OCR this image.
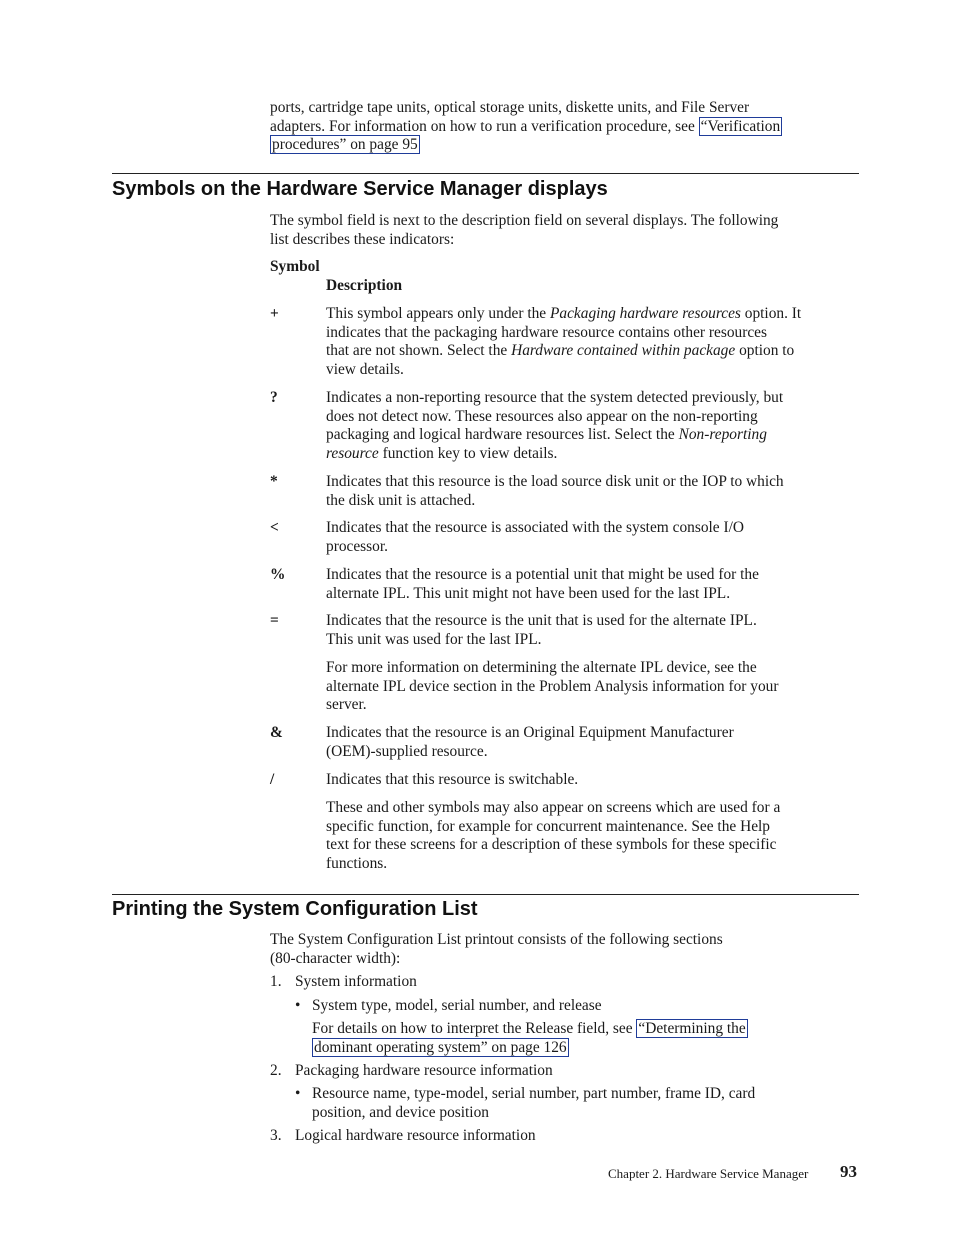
ports, cartridge tape units, optical storage units, diskette units, and File Server
adapters. For information on how to run a verification procedure, see “Verification
procedures” on page 95
Symbols on the Hardware Service Manager displays
The symbol field is next to the description field on several displays. The following
list describes these indicators:
Symbol
Description
+	This symbol appears only under the Packaging hardware resources option. It
indicates that the packaging hardware resource contains other resources
that are not shown. Select the Hardware contained within package option to
view details.
?	Indicates a non-reporting resource that the system detected previously, but
does not detect now. These resources also appear on the non-reporting
packaging and logical hardware resources list. Select the Non-reporting
resource function key to view details.
*	Indicates that this resource is the load source disk unit or the IOP to which
the disk unit is attached.
<	Indicates that the resource is associated with the system console I/O
processor.
%	Indicates that the resource is a potential unit that might be used for the
alternate IPL. This unit might not have been used for the last IPL.
=	Indicates that the resource is the unit that is used for the alternate IPL.
This unit was used for the last IPL.
For more information on determining the alternate IPL device, see the
alternate IPL device section in the Problem Analysis information for your
server.
&	Indicates that the resource is an Original Equipment Manufacturer
(OEM)-supplied resource.
/	Indicates that this resource is switchable.
These and other symbols may also appear on screens which are used for a
specific function, for example for concurrent maintenance. See the Help
text for these screens for a description of these symbols for these specific
functions.
Printing the System Configuration List
The System Configuration List printout consists of the following sections
(80-character width):
1. System information
• System type, model, serial number, and release
For details on how to interpret the Release field, see “Determining the
dominant operating system” on page 126
2. Packaging hardware resource information
• Resource name, type-model, serial number, part number, frame ID, card
position, and device position
3. Logical hardware resource information
Chapter 2. Hardware Service Manager 93
